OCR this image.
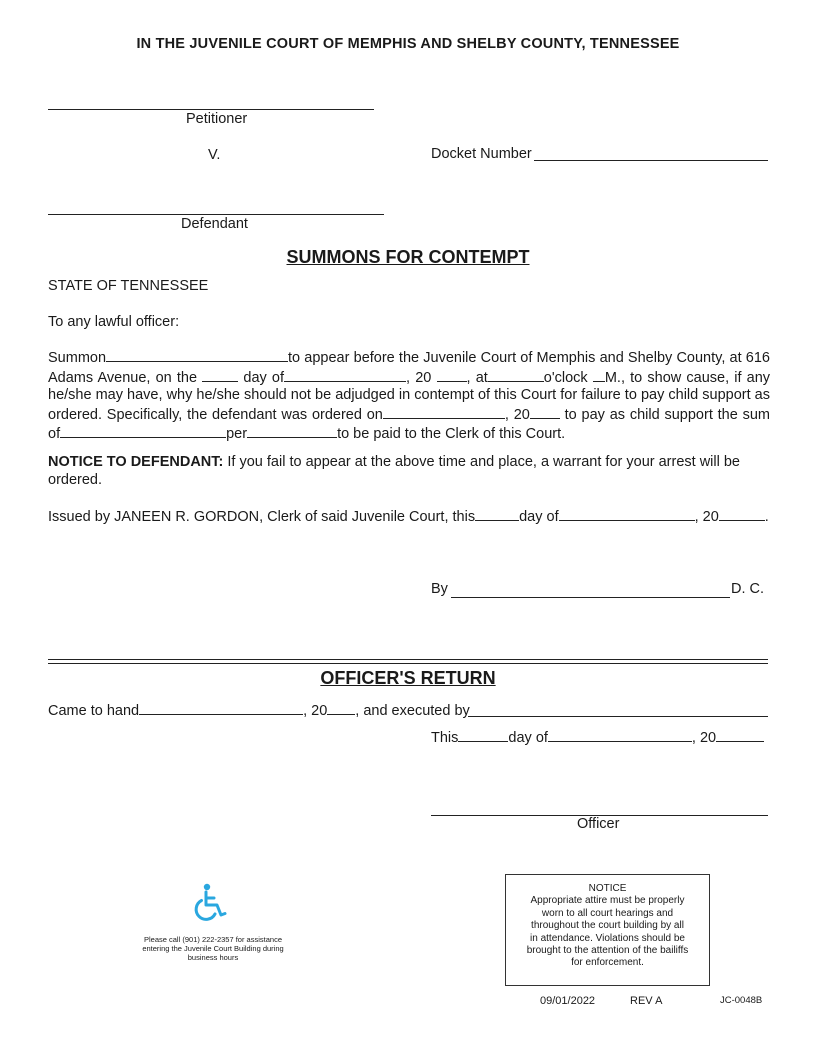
IN THE JUVENILE COURT OF MEMPHIS AND SHELBY COUNTY, TENNESSEE
Petitioner
V.	Docket Number
Defendant
SUMMONS FOR CONTEMPT
STATE OF TENNESSEE
To any lawful officer:
Summon	to appear before the Juvenile Court of Memphis and Shelby County, at 616 Adams Avenue, on the	day of	, 20 , at	o'clock M., to show cause, if any he/she may have, why he/she should not be adjudged in contempt of this Court for failure to pay child support as ordered. Specifically, the defendant was ordered on	, 20 to pay as child support the sum of	per	to be paid to the Clerk of this Court.
NOTICE TO DEFENDANT: If you fail to appear at the above time and place, a warrant for your arrest will be ordered.
Issued by JANEEN R. GORDON, Clerk of said Juvenile Court, this	day of	, 20	.
By	D. C.
OFFICER'S RETURN
Came to hand	, 20 , and executed by
This	day of	, 20
Officer
Please call (901) 222-2357 for assistance
entering the Juvenile Court Building during
business hours
NOTICE
Appropriate attire must be properly
worn to all court hearings and
throughout the court building by all
in attendance. Violations should be
brought to the attention of the bailiffs
for enforcement.
09/01/2022	REV A	JC-0048B
